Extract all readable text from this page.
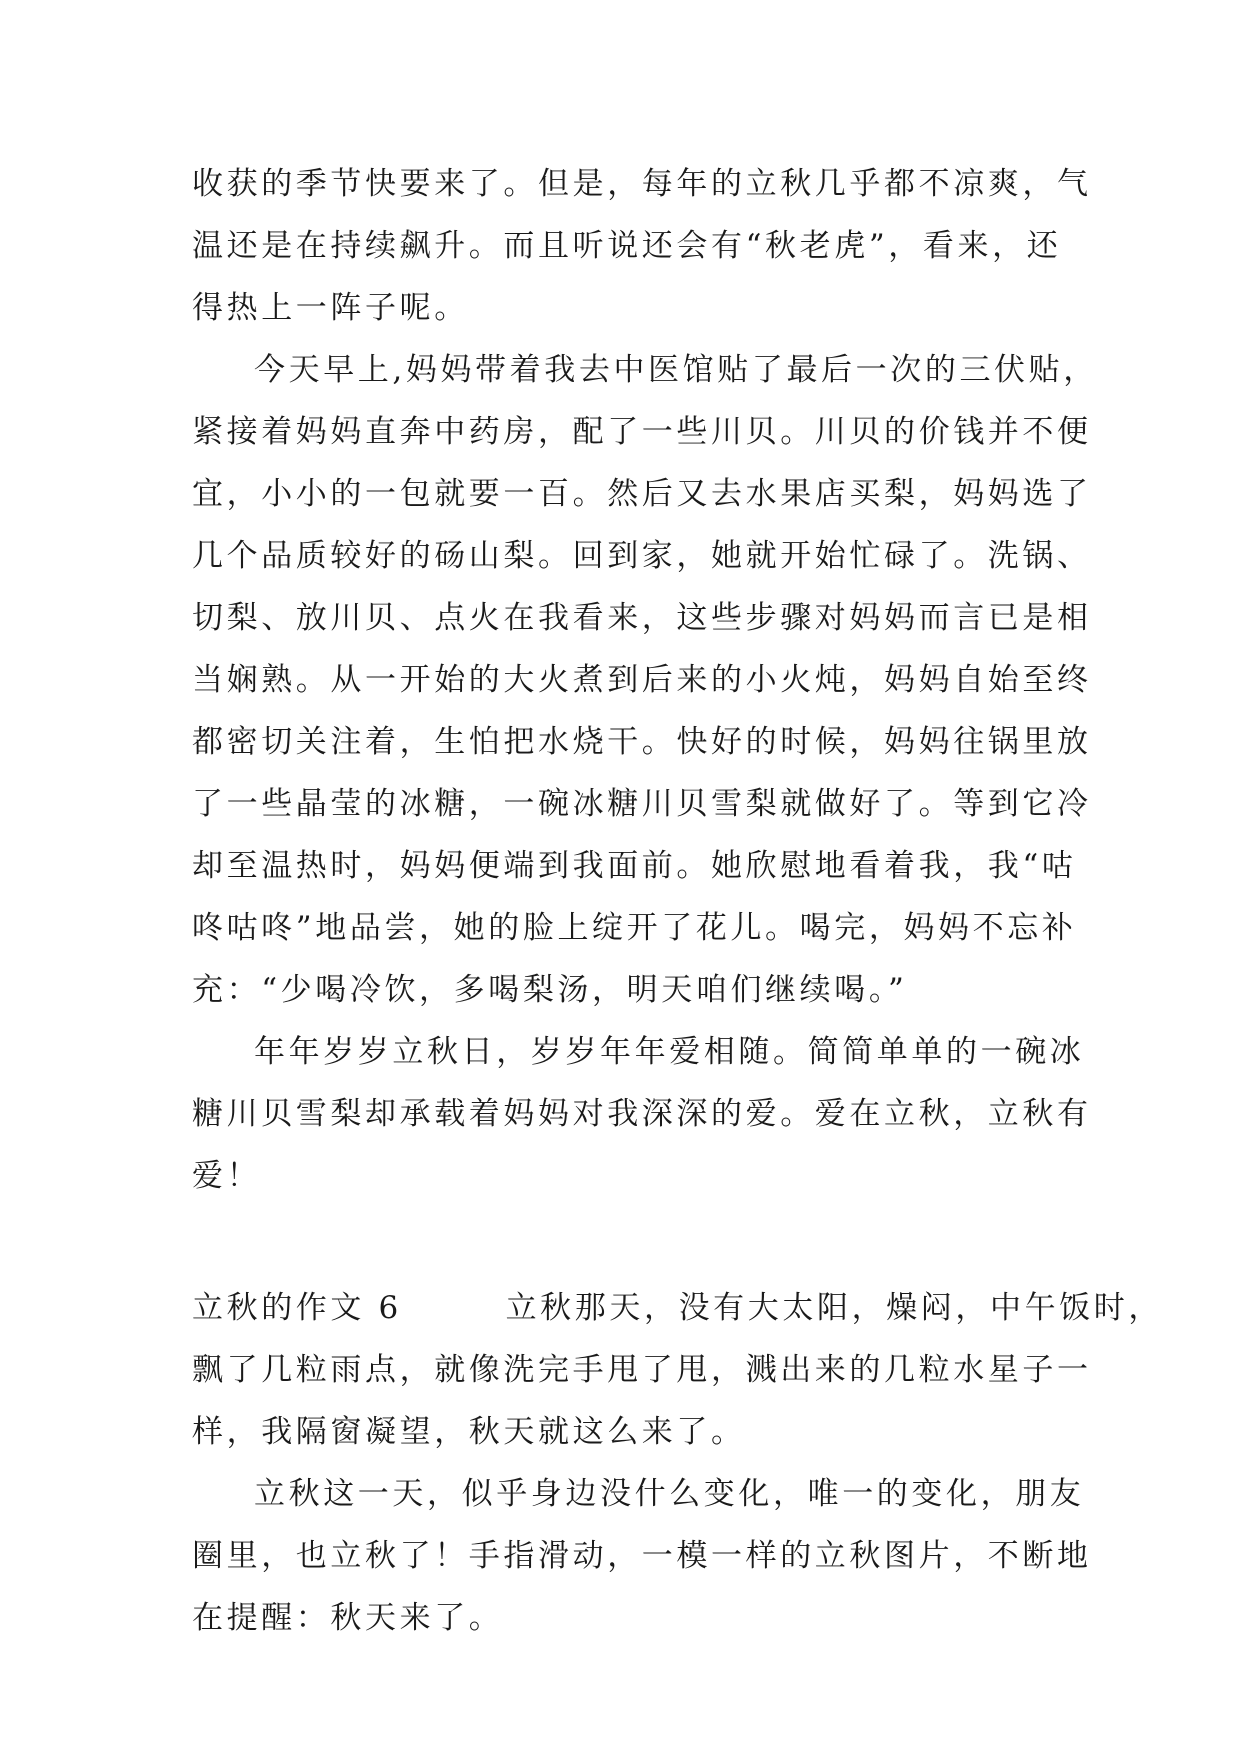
收获的季节快要来了。但是，每年的立秋几乎都不凉爽，气

温还是在持续飙升。而且听说还会有“秋老虎”，看来，还

得热上一阵子呢。

今天早上,妈妈带着我去中医馆贴了最后一次的三伏贴，

紧接着妈妈直奔中药房，配了一些川贝。川贝的价钱并不便

宜，小小的一包就要一百。然后又去水果店买梨，妈妈选了

几个品质较好的砀山梨。回到家，她就开始忙碌了。洗锅、

切梨、放川贝、点火在我看来，这些步骤对妈妈而言已是相

当娴熟。从一开始的大火煮到后来的小火炖，妈妈自始至终

都密切关注着，生怕把水烧干。快好的时候，妈妈往锅里放

了一些晶莹的冰糖，一碗冰糖川贝雪梨就做好了。等到它冷

却至温热时，妈妈便端到我面前。她欣慰地看着我，我“咕

咚咕咚”地品尝，她的脸上绽开了花儿。喝完，妈妈不忘补

充：“少喝冷饮，多喝梨汤，明天咱们继续喝。”

年年岁岁立秋日，岁岁年年爱相随。简简单单的一碗冰

糖川贝雪梨却承载着妈妈对我深深的爱。爱在立秋，立秋有

爱！

立秋的作文 6　　　立秋那天，没有大太阳，燥闷，中午饭时，

飘了几粒雨点，就像洗完手甩了甩，溅出来的几粒水星子一

样，我隔窗凝望，秋天就这么来了。

立秋这一天，似乎身边没什么变化，唯一的变化，朋友

圈里，也立秋了！手指滑动，一模一样的立秋图片，不断地

在提醒：秋天来了。
